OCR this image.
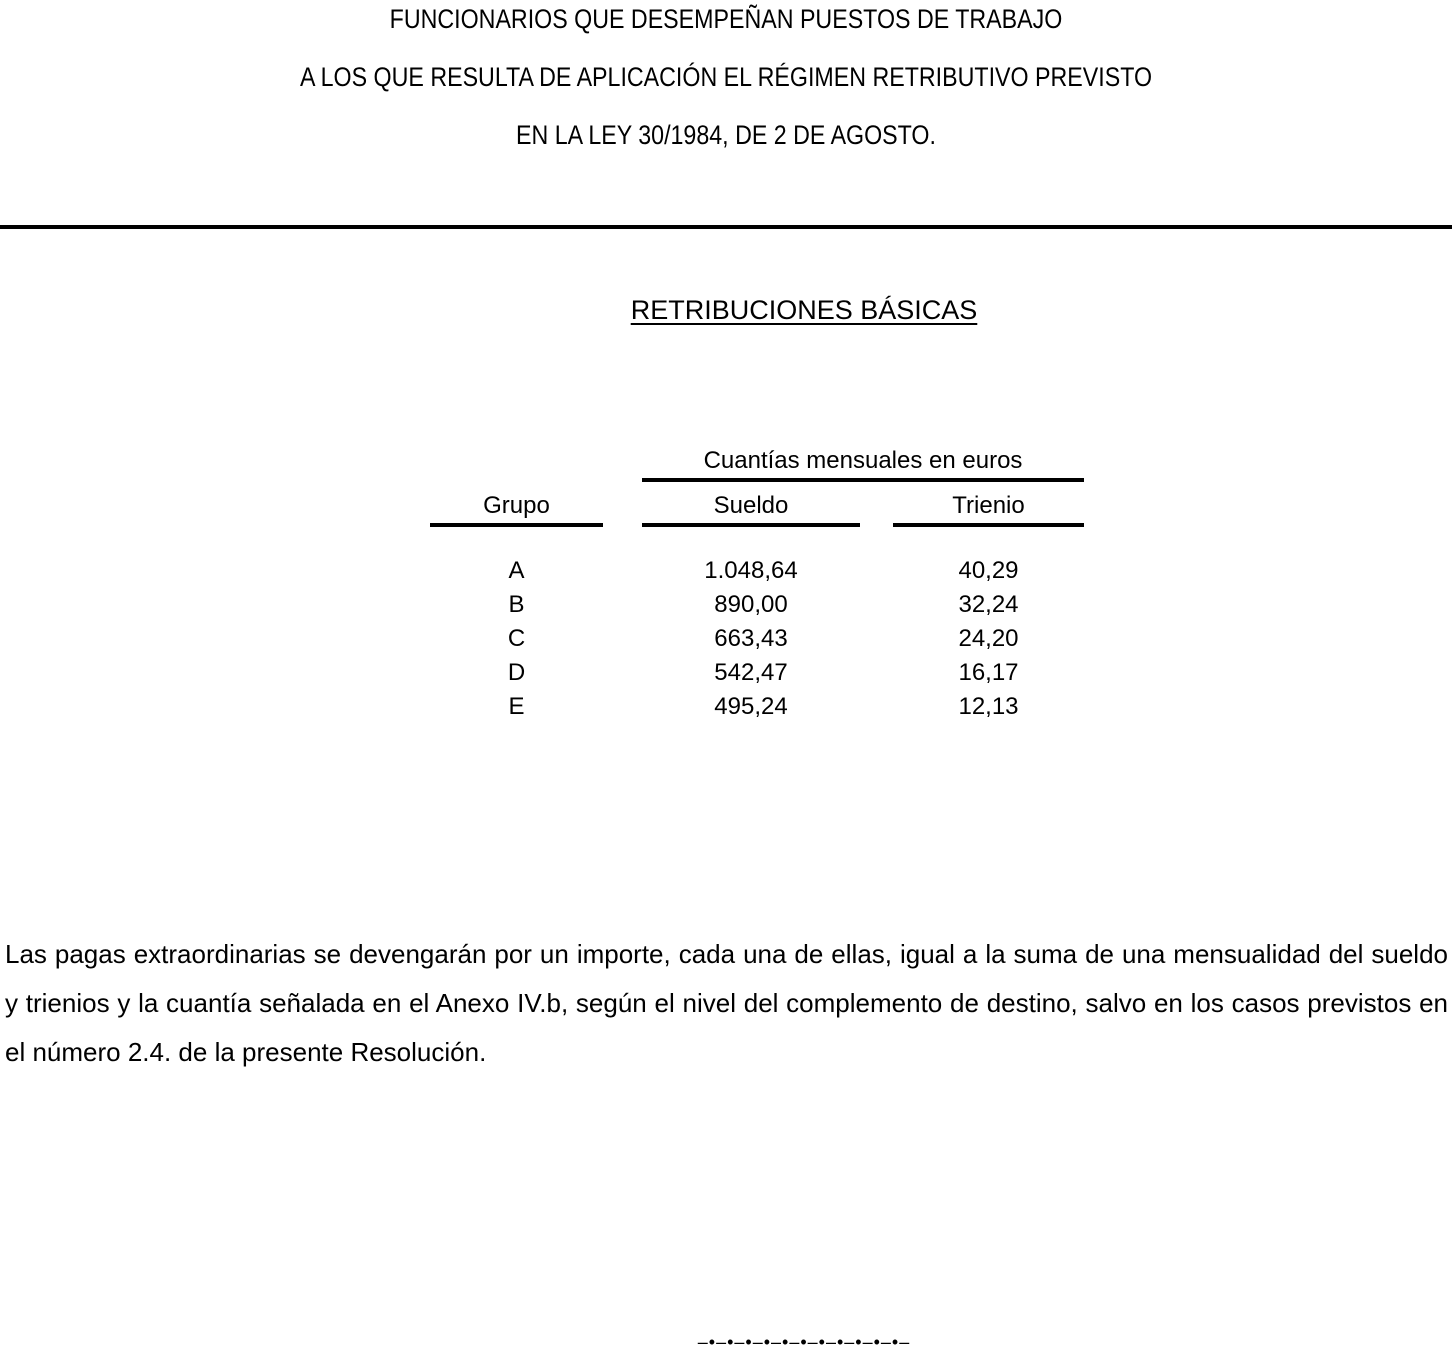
FUNCIONARIOS QUE DESEMPEÑAN PUESTOS DE TRABAJO
A LOS QUE RESULTA DE APLICACIÓN EL RÉGIMEN RETRIBUTIVO PREVISTO
EN LA LEY 30/1984, DE 2 DE AGOSTO.
RETRIBUCIONES BÁSICAS
Cuantías mensuales en euros
Grupo	Sueldo	Trienio
A	1.048,64	40,29
B	890,00	32,24
C	663,43	24,20
D	542,47	16,17
E	495,24	12,13
Las pagas extraordinarias se devengarán por un importe, cada una de ellas, igual a la suma de una mensualidad del sueldo y trienios y la cuantía señalada en el Anexo IV.b, según el nivel del complemento de destino, salvo en los casos previstos en el número 2.4. de la presente Resolución.
–•–•–•–•–•–•–•–•–•–•–•–
